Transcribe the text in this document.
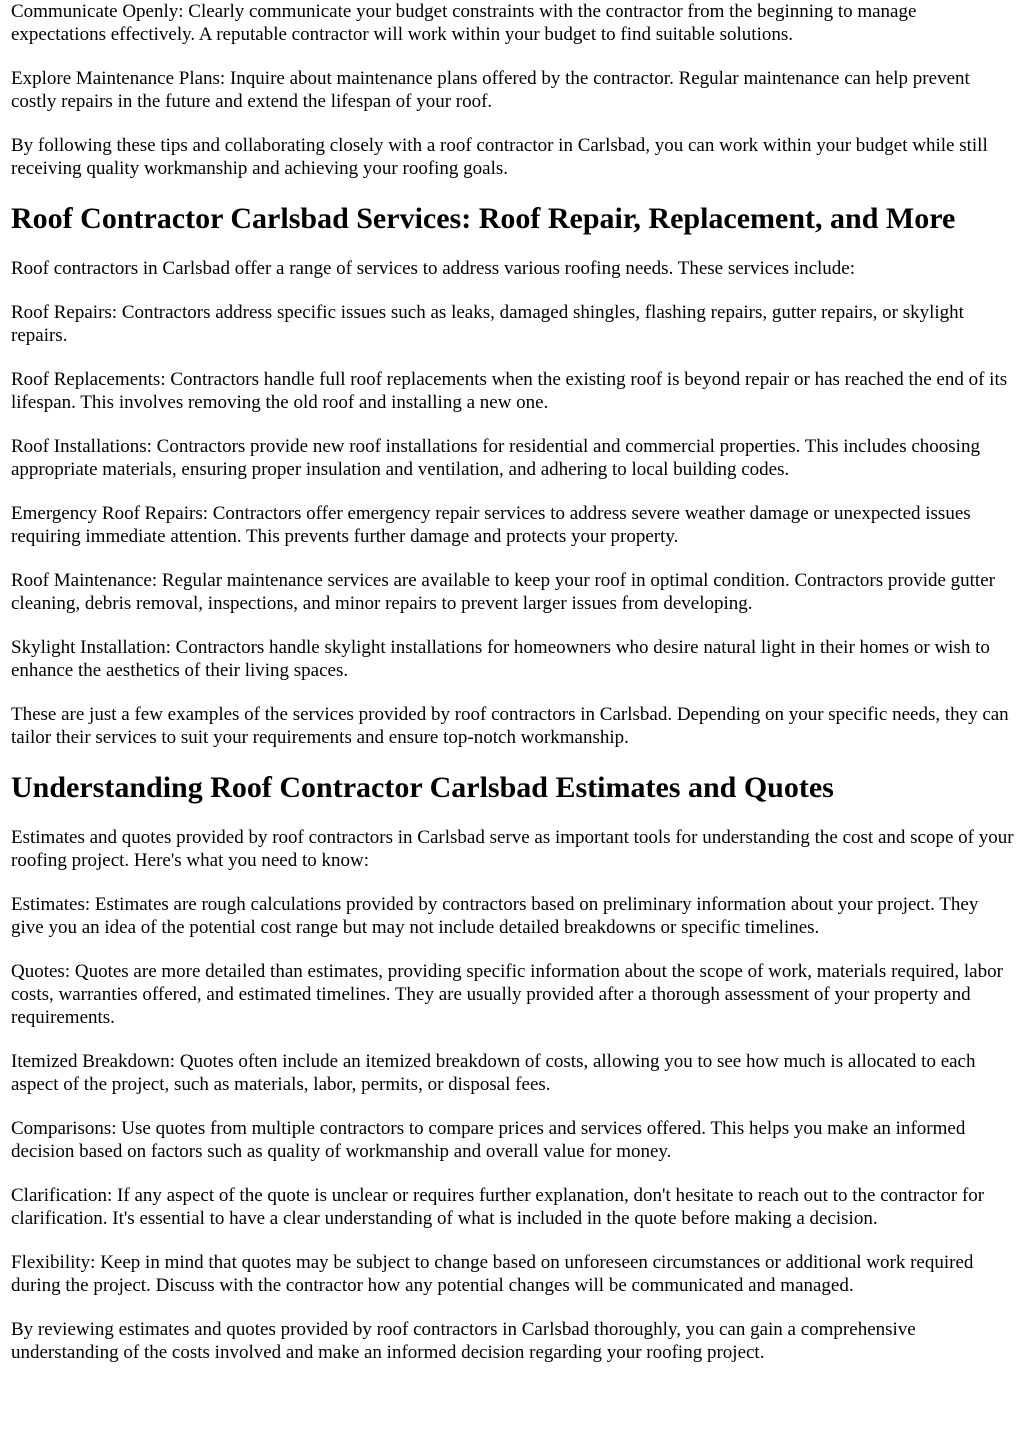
Communicate Openly: Clearly communicate your budget constraints with the contractor from the beginning to manage expectations effectively. A reputable contractor will work within your budget to find suitable solutions.

Explore Maintenance Plans: Inquire about maintenance plans offered by the contractor. Regular maintenance can help prevent costly repairs in the future and extend the lifespan of your roof.

By following these tips and collaborating closely with a roof contractor in Carlsbad, you can work within your budget while still receiving quality workmanship and achieving your roofing goals.

Roof Contractor Carlsbad Services: Roof Repair, Replacement, and More

Roof contractors in Carlsbad offer a range of services to address various roofing needs. These services include:

Roof Repairs: Contractors address specific issues such as leaks, damaged shingles, flashing repairs, gutter repairs, or skylight repairs.

Roof Replacements: Contractors handle full roof replacements when the existing roof is beyond repair or has reached the end of its lifespan. This involves removing the old roof and installing a new one.

Roof Installations: Contractors provide new roof installations for residential and commercial properties. This includes choosing appropriate materials, ensuring proper insulation and ventilation, and adhering to local building codes.

Emergency Roof Repairs: Contractors offer emergency repair services to address severe weather damage or unexpected issues requiring immediate attention. This prevents further damage and protects your property.

Roof Maintenance: Regular maintenance services are available to keep your roof in optimal condition. Contractors provide gutter cleaning, debris removal, inspections, and minor repairs to prevent larger issues from developing.

Skylight Installation: Contractors handle skylight installations for homeowners who desire natural light in their homes or wish to enhance the aesthetics of their living spaces.

These are just a few examples of the services provided by roof contractors in Carlsbad. Depending on your specific needs, they can tailor their services to suit your requirements and ensure top-notch workmanship.

Understanding Roof Contractor Carlsbad Estimates and Quotes

Estimates and quotes provided by roof contractors in Carlsbad serve as important tools for understanding the cost and scope of your roofing project. Here's what you need to know:

Estimates: Estimates are rough calculations provided by contractors based on preliminary information about your project. They give you an idea of the potential cost range but may not include detailed breakdowns or specific timelines.

Quotes: Quotes are more detailed than estimates, providing specific information about the scope of work, materials required, labor costs, warranties offered, and estimated timelines. They are usually provided after a thorough assessment of your property and requirements.

Itemized Breakdown: Quotes often include an itemized breakdown of costs, allowing you to see how much is allocated to each aspect of the project, such as materials, labor, permits, or disposal fees.

Comparisons: Use quotes from multiple contractors to compare prices and services offered. This helps you make an informed decision based on factors such as quality of workmanship and overall value for money.

Clarification: If any aspect of the quote is unclear or requires further explanation, don't hesitate to reach out to the contractor for clarification. It's essential to have a clear understanding of what is included in the quote before making a decision.

Flexibility: Keep in mind that quotes may be subject to change based on unforeseen circumstances or additional work required during the project. Discuss with the contractor how any potential changes will be communicated and managed.

By reviewing estimates and quotes provided by roof contractors in Carlsbad thoroughly, you can gain a comprehensive understanding of the costs involved and make an informed decision regarding your roofing project.
